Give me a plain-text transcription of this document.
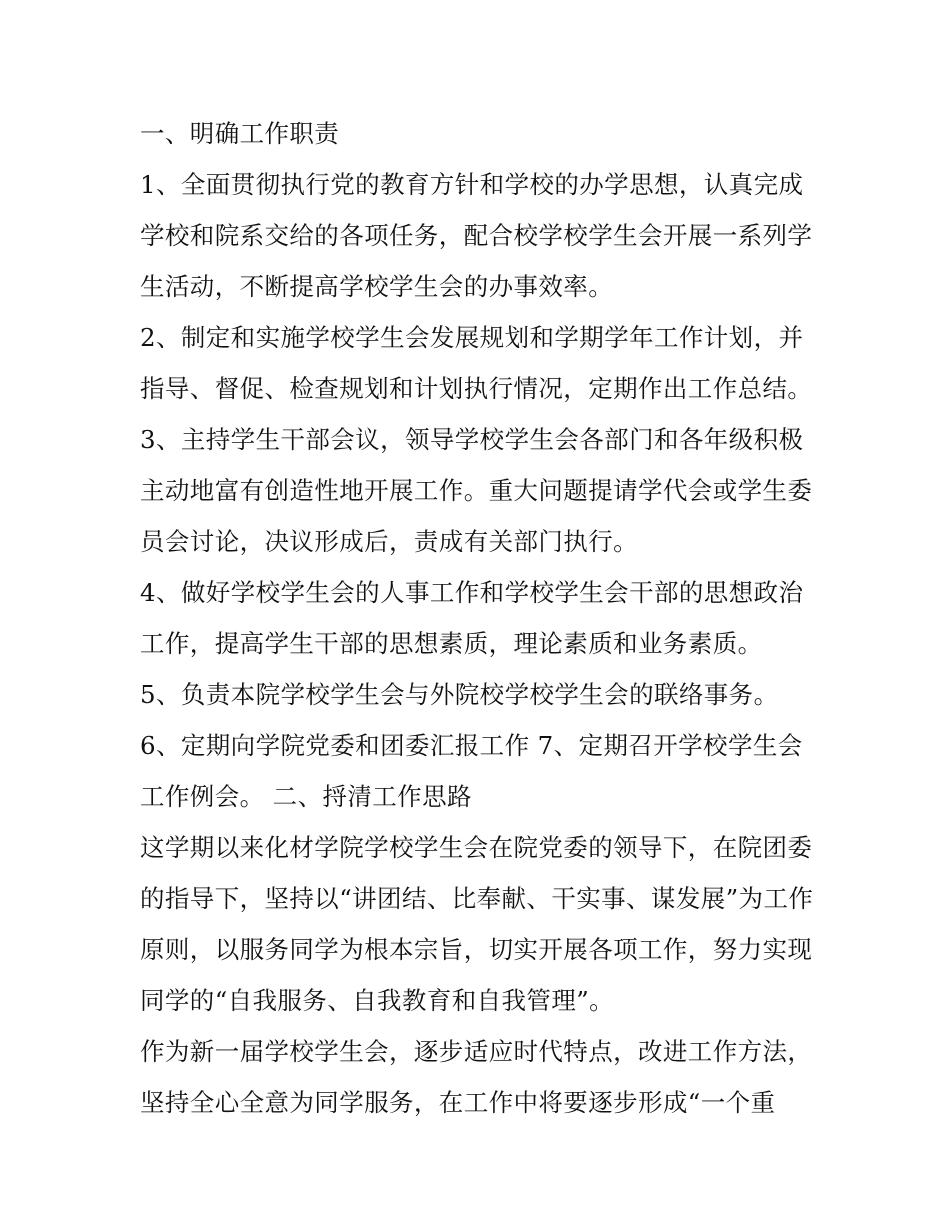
一、明确工作职责
1、全面贯彻执行党的教育方针和学校的办学思想，认真完成
学校和院系交给的各项任务，配合校学校学生会开展一系列学
生活动，不断提高学校学生会的办事效率。
2、制定和实施学校学生会发展规划和学期学年工作计划，并
指导、督促、检查规划和计划执行情况，定期作出工作总结。
3、主持学生干部会议，领导学校学生会各部门和各年级积极
主动地富有创造性地开展工作。重大问题提请学代会或学生委
员会讨论，决议形成后，责成有关部门执行。
4、做好学校学生会的人事工作和学校学生会干部的思想政治
工作，提高学生干部的思想素质，理论素质和业务素质。
5、负责本院学校学生会与外院校学校学生会的联络事务。
6、定期向学院党委和团委汇报工作 7、定期召开学校学生会
工作例会。 二、捋清工作思路
这学期以来化材学院学校学生会在院党委的领导下，在院团委
的指导下，坚持以“讲团结、比奉献、干实事、谋发展”为工作
原则，以服务同学为根本宗旨，切实开展各项工作，努力实现
同学的“自我服务、自我教育和自我管理”。
作为新一届学校学生会，逐步适应时代特点，改进工作方法，
坚持全心全意为同学服务，在工作中将要逐步形成“一个重
